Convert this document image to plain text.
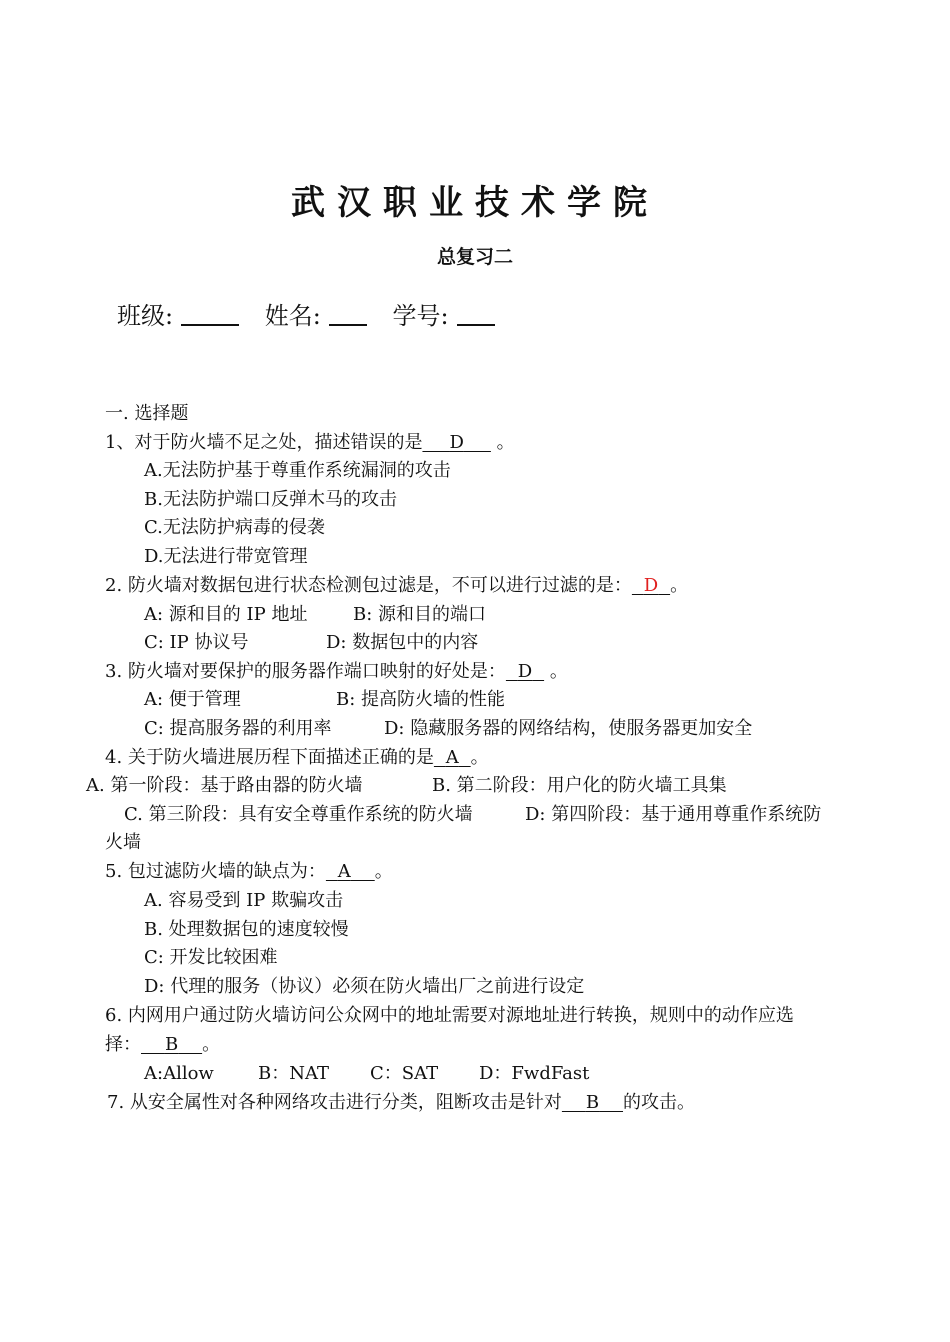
武汉职业技术学院
总复习二
班级:	姓名:	学号:
一. 选择题
1、对于防火墙不足之处，描述错误的是   D   。
A.无法防护基于尊重作系统漏洞的攻击
B.无法防护端口反弹木马的攻击
C.无法防护病毒的侵袭
D.无法进行带宽管理
2. 防火墙对数据包进行状态检测包过滤是，不可以进行过滤的是：   D   。
A: 源和目的 IP 地址	B: 源和目的端口
C: IP 协议号	D: 数据包中的内容
3. 防火墙对要保护的服务器作端口映射的好处是：   D   。
A: 便于管理	B: 提高防火墙的性能
C: 提高服务器的利用率	D: 隐藏服务器的网络结构，使服务器更加安全
4. 关于防火墙进展历程下面描述正确的是   A   。
A. 第一阶段：基于路由器的防火墙	B. 第二阶段：用户化的防火墙工具集
C. 第三阶段：具有安全尊重作系统的防火墙	D: 第四阶段：基于通用尊重作系统防
火墙
5. 包过滤防火墙的缺点为：   A   。
A. 容易受到 IP 欺骗攻击
B. 处理数据包的速度较慢
C: 开发比较困难
D: 代理的服务（协议）必须在防火墙出厂之前进行设定
6. 内网用户通过防火墙访问公众网中的地址需要对源地址进行转换，规则中的动作应选
择：   B   。
A:Allow B：NAT C：SAT D：FwdFast
7. 从安全属性对各种网络攻击进行分类，阻断攻击是针对   B   的攻击。
